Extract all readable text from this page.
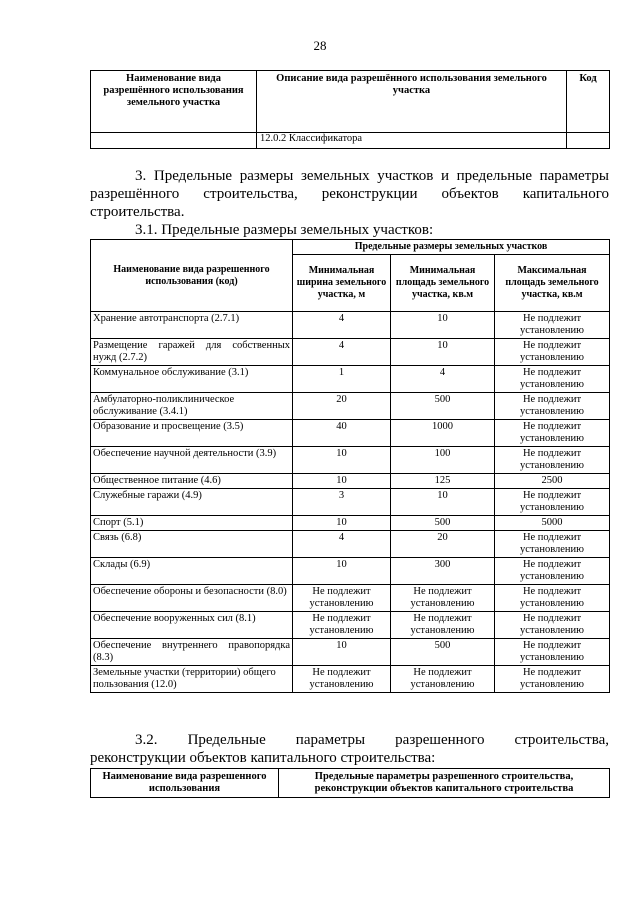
28
Наименование вида разрешённого использования земельного участка	Описание вида разрешённого использования земельного участка	Код
	12.0.2 Классификатора	
3. Предельные размеры земельных участков и предельные параметры
разрешённого строительства, реконструкции объектов капитального
строительства.
3.1. Предельные размеры земельных участков:
Наименование вида разрешенного использования (код)	Предельные размеры земельных участков		
	Минимальная ширина земельного участка, м	Минимальная площадь земельного участка, кв.м	Максимальная площадь земельного участка, кв.м
Хранение автотранспорта (2.7.1)	4	10	Не подлежит установлению
Размещение гаражей для собственных нужд (2.7.2)	4	10	Не подлежит установлению
Коммунальное обслуживание (3.1)	1	4	Не подлежит установлению
Амбулаторно-поликлиническое обслуживание (3.4.1)	20	500	Не подлежит установлению
Образование и просвещение (3.5)	40	1000	Не подлежит установлению
Обеспечение научной деятельности (3.9)	10	100	Не подлежит установлению
Общественное питание (4.6)	10	125	2500
Служебные гаражи (4.9)	3	10	Не подлежит установлению
Спорт (5.1)	10	500	5000
Связь (6.8)	4	20	Не подлежит установлению
Склады (6.9)	10	300	Не подлежит установлению
Обеспечение обороны и безопасности (8.0)	Не подлежит установлению	Не подлежит установлению	Не подлежит установлению
Обеспечение вооруженных сил (8.1)	Не подлежит установлению	Не подлежит установлению	Не подлежит установлению
Обеспечение внутреннего правопорядка (8.3)	10	500	Не подлежит установлению
Земельные участки (территории) общего пользования (12.0)	Не подлежит установлению	Не подлежит установлению	Не подлежит установлению
3.2. Предельные параметры разрешенного строительства,
реконструкции объектов капитального строительства:
Наименование вида разрешенного использования	Предельные параметры разрешенного строительства, реконструкции объектов капитального строительства
